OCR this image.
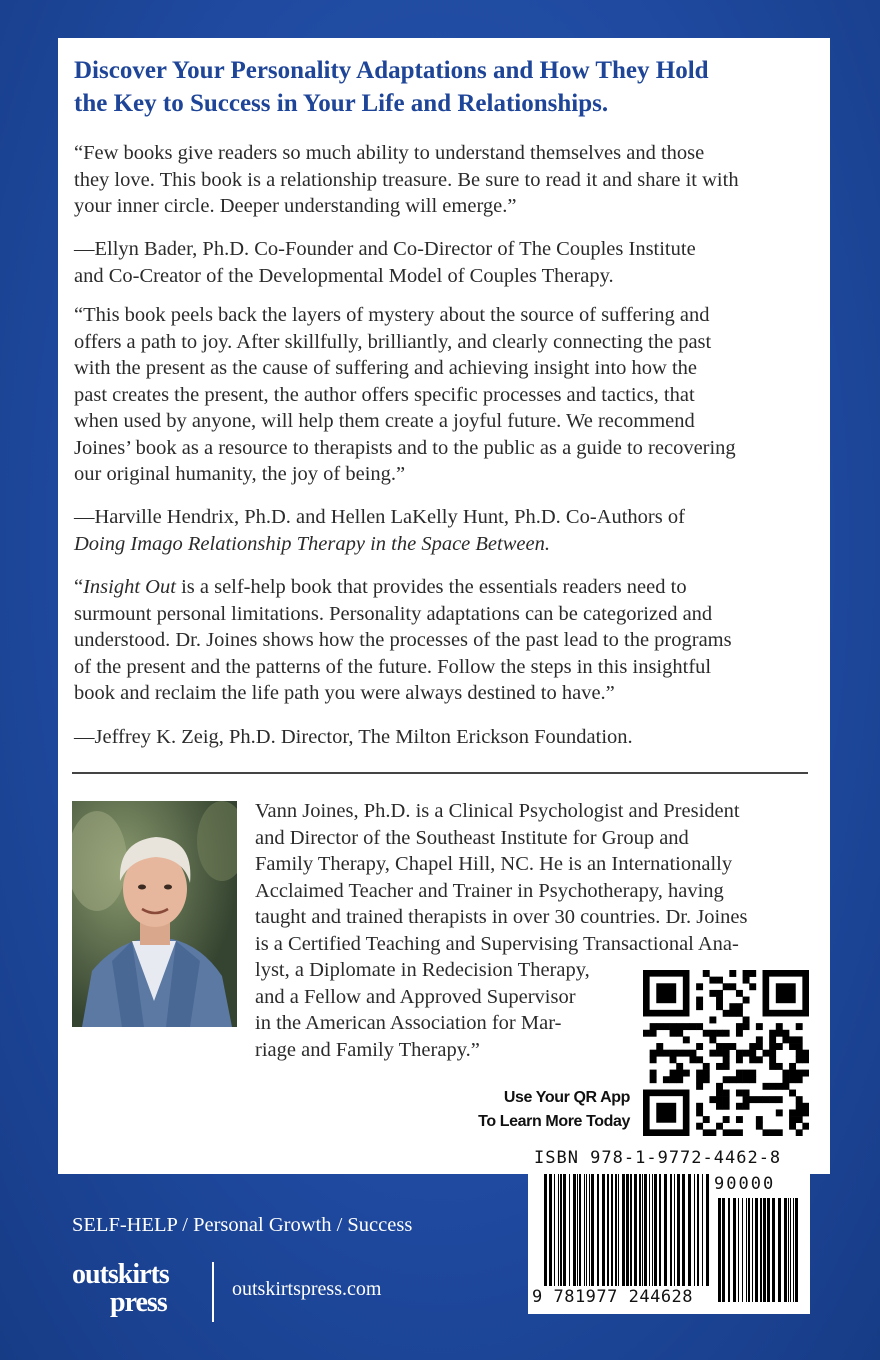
Discover Your Personality Adaptations and How They Hold
the Key to Success in Your Life and Relationships.
“Few books give readers so much ability to understand themselves and those
they love. This book is a relationship treasure. Be sure to read it and share it with
your inner circle. Deeper understanding will emerge.”
—Ellyn Bader, Ph.D. Co-Founder and Co-Director of The Couples Institute
and Co-Creator of the Developmental Model of Couples Therapy.
“This book peels back the layers of mystery about the source of suffering and
offers a path to joy. After skillfully, brilliantly, and clearly connecting the past
with the present as the cause of suffering and achieving insight into how the
past creates the present, the author offers specific processes and tactics, that
when used by anyone, will help them create a joyful future. We recommend
Joines’ book as a resource to therapists and to the public as a guide to recovering
our original humanity, the joy of being.”
—Harville Hendrix, Ph.D. and Hellen LaKelly Hunt, Ph.D. Co-Authors of
Doing Imago Relationship Therapy in the Space Between.
“Insight Out is a self-help book that provides the essentials readers need to
surmount personal limitations. Personality adaptations can be categorized and
understood. Dr. Joines shows how the processes of the past lead to the programs
of the present and the patterns of the future. Follow the steps in this insightful
book and reclaim the life path you were always destined to have.”
—Jeffrey K. Zeig, Ph.D. Director, The Milton Erickson Foundation.
Vann Joines, Ph.D. is a Clinical Psychologist and President
and Director of the Southeast Institute for Group and
Family Therapy, Chapel Hill, NC. He is an Internationally
Acclaimed Teacher and Trainer in Psychotherapy, having
taught and trained therapists in over 30 countries. Dr. Joines
is a Certified Teaching and Supervising Transactional Ana-
lyst, a Diplomate in Redecision Therapy,
and a Fellow and Approved Supervisor
in the American Association for Mar-
riage and Family Therapy.”
Use Your QR App
To Learn More Today
SELF-HELP / Personal Growth / Success
outskirts
press	outskirtspress.com
ISBN 978-1-9772-4462-8
90000
9 781977 244628
